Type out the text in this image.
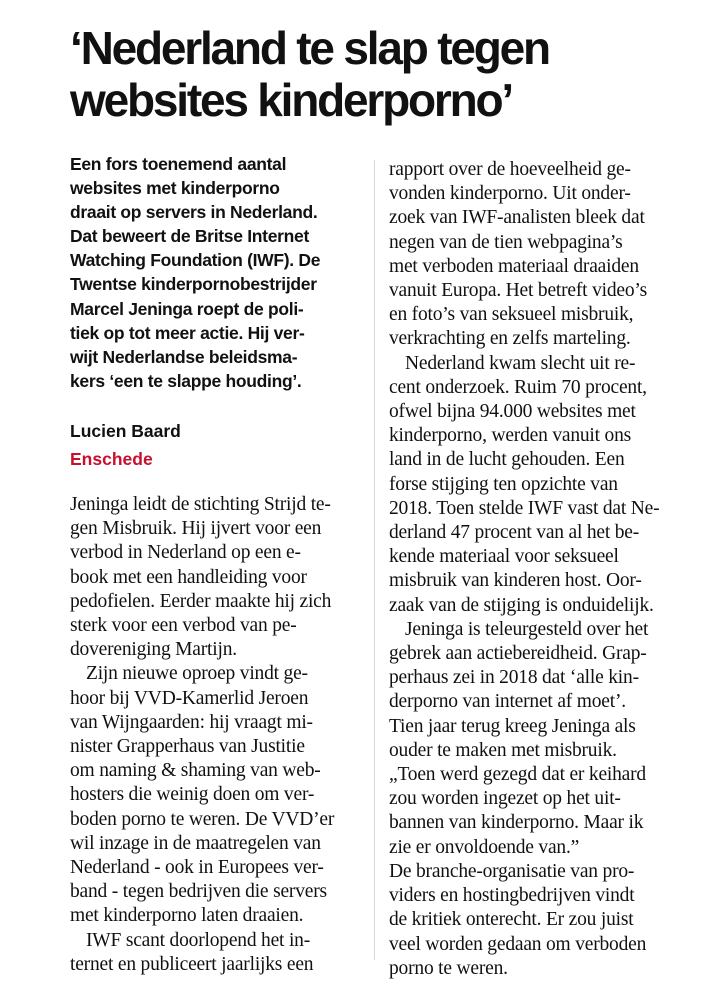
‘Nederland te slap tegen
websites kinderporno’

Een fors toenemend aantal
websites met kinderporno
draait op servers in Nederland.
Dat beweert de Britse Internet
Watching Foundation (IWF). De
Twentse kinderpornobestrijder
Marcel Jeninga roept de poli-
tiek op tot meer actie. Hij ver-
wijt Nederlandse beleidsma-
kers ‘een te slappe houding’.

Lucien Baard
Enschede

Jeninga leidt de stichting Strijd te-
gen Misbruik. Hij ijvert voor een
verbod in Nederland op een e-
book met een handleiding voor
pedofielen. Eerder maakte hij zich
sterk voor een verbod van pe-
dovereniging Martijn.

Zijn nieuwe oproep vindt ge-
hoor bij VVD-Kamerlid Jeroen
van Wijngaarden: hij vraagt mi-
nister Grapperhaus van Justitie
om naming & shaming van web-
hosters die weinig doen om ver-
boden porno te weren. De VVD’er
wil inzage in de maatregelen van
Nederland - ook in Europees ver-
band - tegen bedrijven die servers
met kinderporno laten draaien.

IWF scant doorlopend het in-
ternet en publiceert jaarlijks een

rapport over de hoeveelheid ge-
vonden kinderporno. Uit onder-
zoek van IWF-analisten bleek dat
negen van de tien webpagina’s
met verboden materiaal draaiden
vanuit Europa. Het betreft video’s
en foto’s van seksueel misbruik,
verkrachting en zelfs marteling.

Nederland kwam slecht uit re-
cent onderzoek. Ruim 70 procent,
ofwel bijna 94.000 websites met
kinderporno, werden vanuit ons
land in de lucht gehouden. Een
forse stijging ten opzichte van
2018. Toen stelde IWF vast dat Ne-
derland 47 procent van al het be-
kende materiaal voor seksueel
misbruik van kinderen host. Oor-
zaak van de stijging is onduidelijk.

Jeninga is teleurgesteld over het
gebrek aan actiebereidheid. Grap-
perhaus zei in 2018 dat ‘alle kin-
derporno van internet af moet’.
Tien jaar terug kreeg Jeninga als
ouder te maken met misbruik.
„Toen werd gezegd dat er keihard
zou worden ingezet op het uit-
bannen van kinderporno. Maar ik
zie er onvoldoende van.”
De branche-organisatie van pro-
viders en hostingbedrijven vindt
de kritiek onterecht. Er zou juist
veel worden gedaan om verboden
porno te weren.
